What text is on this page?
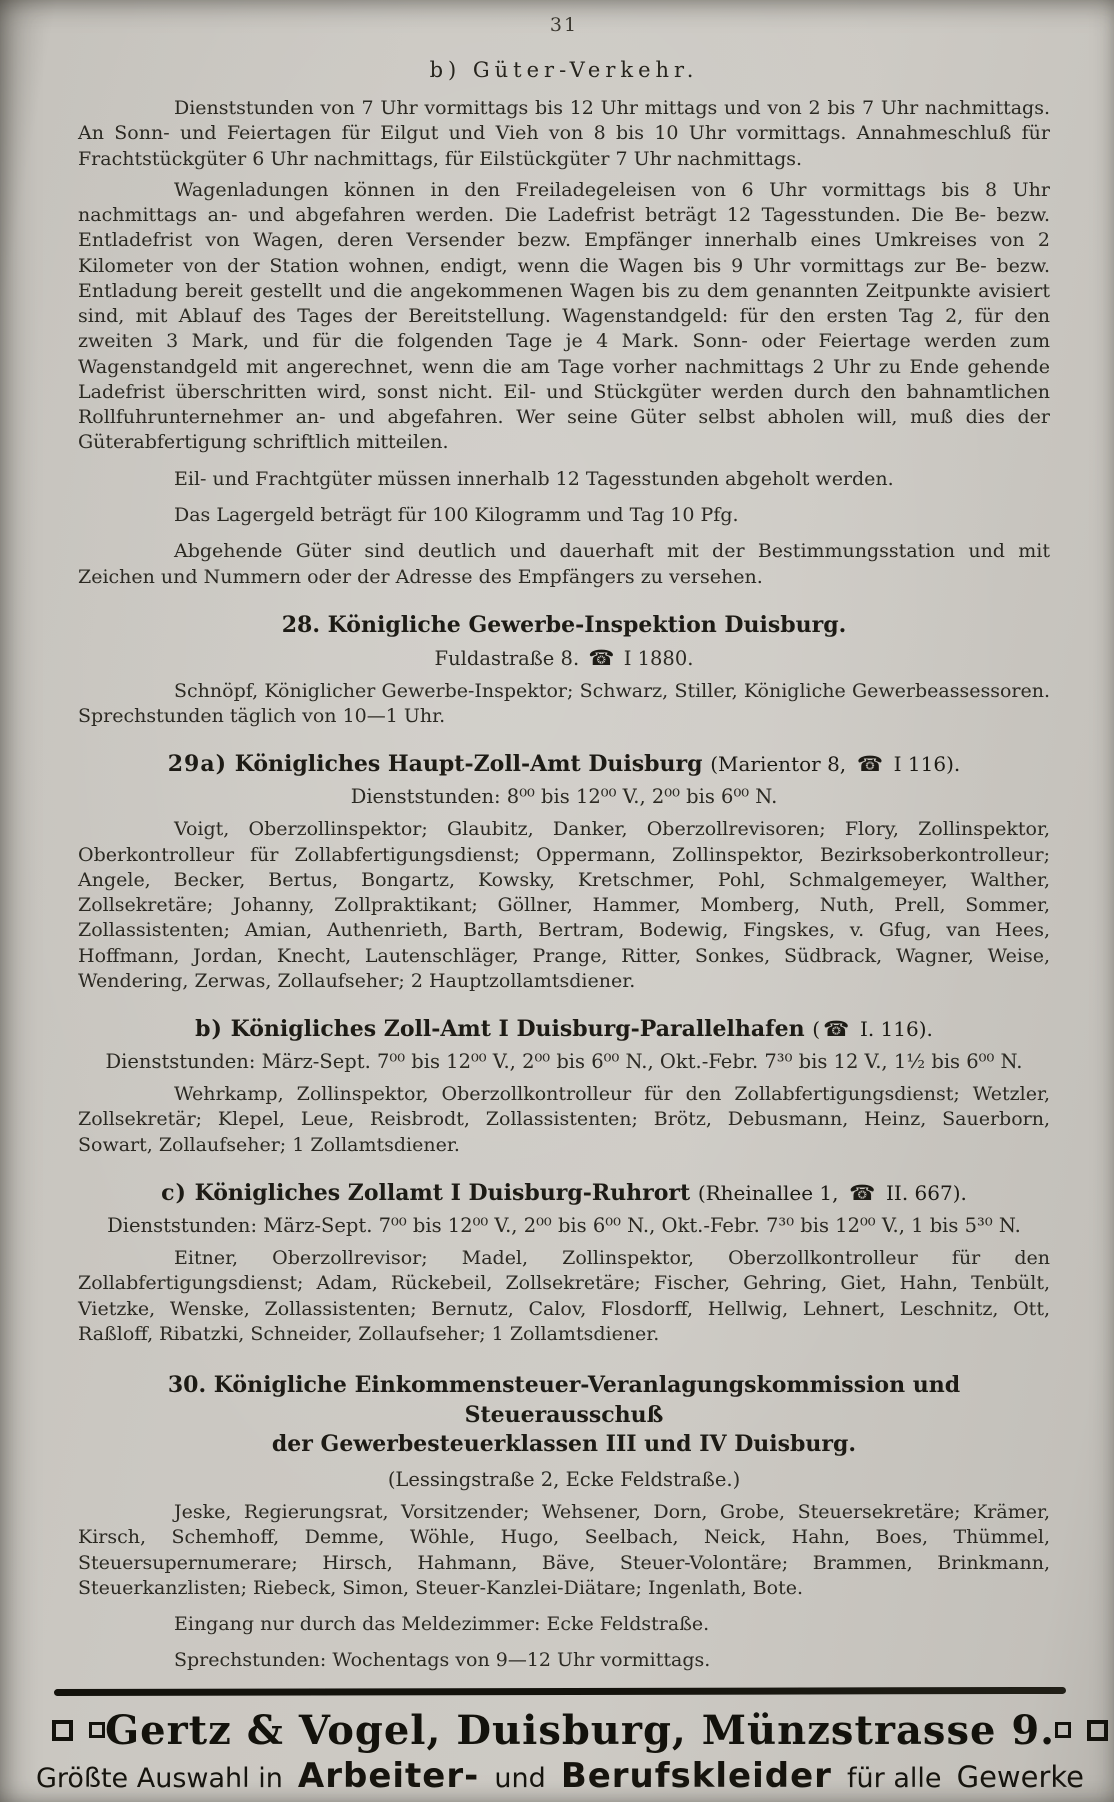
31

b) Güter-Verkehr.

Dienststunden von 7 Uhr vormittags bis 12 Uhr mittags und von 2 bis 7 Uhr nachmittags. An Sonn- und Feiertagen für Eilgut und Vieh von 8 bis 10 Uhr vormittags. Annahmeschluß für Frachtstückgüter 6 Uhr nachmittags, für Eilstückgüter 7 Uhr nachmittags.

Wagenladungen können in den Freiladegeleisen von 6 Uhr vormittags bis 8 Uhr nachmittags an- und abgefahren werden. Die Ladefrist beträgt 12 Tagesstunden. Die Be- bezw. Entladefrist von Wagen, deren Versender bezw. Empfänger innerhalb eines Umkreises von 2 Kilometer von der Station wohnen, endigt, wenn die Wagen bis 9 Uhr vormittags zur Be- bezw. Entladung bereit gestellt und die angekommenen Wagen bis zu dem genannten Zeitpunkte avisiert sind, mit Ablauf des Tages der Bereitstellung. Wagenstandgeld: für den ersten Tag 2, für den zweiten 3 Mark, und für die folgenden Tage je 4 Mark. Sonn- oder Feiertage werden zum Wagenstandgeld mit angerechnet, wenn die am Tage vorher nachmittags 2 Uhr zu Ende gehende Ladefrist überschritten wird, sonst nicht. Eil- und Stückgüter werden durch den bahnamtlichen Rollfuhrunternehmer an- und abgefahren. Wer seine Güter selbst abholen will, muß dies der Güterabfertigung schriftlich mitteilen.

Eil- und Frachtgüter müssen innerhalb 12 Tagesstunden abgeholt werden.

Das Lagergeld beträgt für 100 Kilogramm und Tag 10 Pfg.

Abgehende Güter sind deutlich und dauerhaft mit der Bestimmungsstation und mit Zeichen und Nummern oder der Adresse des Empfängers zu versehen.

28. Königliche Gewerbe-Inspektion Duisburg.
Fuldastraße 8. ☎ I 1880.

Schnöpf, Königlicher Gewerbe-Inspektor; Schwarz, Stiller, Königliche Gewerbeassessoren. Sprechstunden täglich von 10—1 Uhr.

29a) Königliches Haupt-Zoll-Amt Duisburg (Marientor 8, ☎ I 116).
Dienststunden: 8⁰⁰ bis 12⁰⁰ V., 2⁰⁰ bis 6⁰⁰ N.

Voigt, Oberzollinspektor; Glaubitz, Danker, Oberzollrevisoren; Flory, Zollinspektor, Oberkontrolleur für Zollabfertigungsdienst; Oppermann, Zollinspektor, Bezirksoberkontrolleur; Angele, Becker, Bertus, Bongartz, Kowsky, Kretschmer, Pohl, Schmalgemeyer, Walther, Zollsekretäre; Johanny, Zollpraktikant; Göllner, Hammer, Momberg, Nuth, Prell, Sommer, Zollassistenten; Amian, Authenrieth, Barth, Bertram, Bodewig, Fingskes, v. Gfug, van Hees, Hoffmann, Jordan, Knecht, Lautenschläger, Prange, Ritter, Sonkes, Südbrack, Wagner, Weise, Wendering, Zerwas, Zollaufseher; 2 Hauptzollamtsdiener.

b) Königliches Zoll-Amt I Duisburg-Parallelhafen ( ☎ I. 116).
Dienststunden: März-Sept. 7⁰⁰ bis 12⁰⁰ V., 2⁰⁰ bis 6⁰⁰ N., Okt.-Febr. 7³⁰ bis 12 V., 1½ bis 6⁰⁰ N.

Wehrkamp, Zollinspektor, Oberzollkontrolleur für den Zollabfertigungsdienst; Wetzler, Zollsekretär; Klepel, Leue, Reisbrodt, Zollassistenten; Brötz, Debusmann, Heinz, Sauerborn, Sowart, Zollaufseher; 1 Zollamtsdiener.

c) Königliches Zollamt I Duisburg-Ruhrort (Rheinallee 1, ☎ II. 667).
Dienststunden: März-Sept. 7⁰⁰ bis 12⁰⁰ V., 2⁰⁰ bis 6⁰⁰ N., Okt.-Febr. 7³⁰ bis 12⁰⁰ V., 1 bis 5³⁰ N.

Eitner, Oberzollrevisor; Madel, Zollinspektor, Oberzollkontrolleur für den Zollabfertigungsdienst; Adam, Rückebeil, Zollsekretäre; Fischer, Gehring, Giet, Hahn, Tenbült, Vietzke, Wenske, Zollassistenten; Bernutz, Calov, Flosdorff, Hellwig, Lehnert, Leschnitz, Ott, Raßloff, Ribatzki, Schneider, Zollaufseher; 1 Zollamtsdiener.

30. Königliche Einkommensteuer-Veranlagungskommission und Steuerausschuß
der Gewerbesteuerklassen III und IV Duisburg.
(Lessingstraße 2, Ecke Feldstraße.)

Jeske, Regierungsrat, Vorsitzender; Wehsener, Dorn, Grobe, Steuersekretäre; Krämer, Kirsch, Schemhoff, Demme, Wöhle, Hugo, Seelbach, Neick, Hahn, Boes, Thümmel, Steuersupernumerare; Hirsch, Hahmann, Bäve, Steuer-Volontäre; Brammen, Brinkmann, Steuerkanzlisten; Riebeck, Simon, Steuer-Kanzlei-Diätare; Ingenlath, Bote.

Eingang nur durch das Meldezimmer: Ecke Feldstraße.

Sprechstunden: Wochentags von 9—12 Uhr vormittags.

Gertz & Vogel, Duisburg, Münzstrasse 9.
Größte Auswahl in Arbeiter- und Berufskleider für alle Gewerke
